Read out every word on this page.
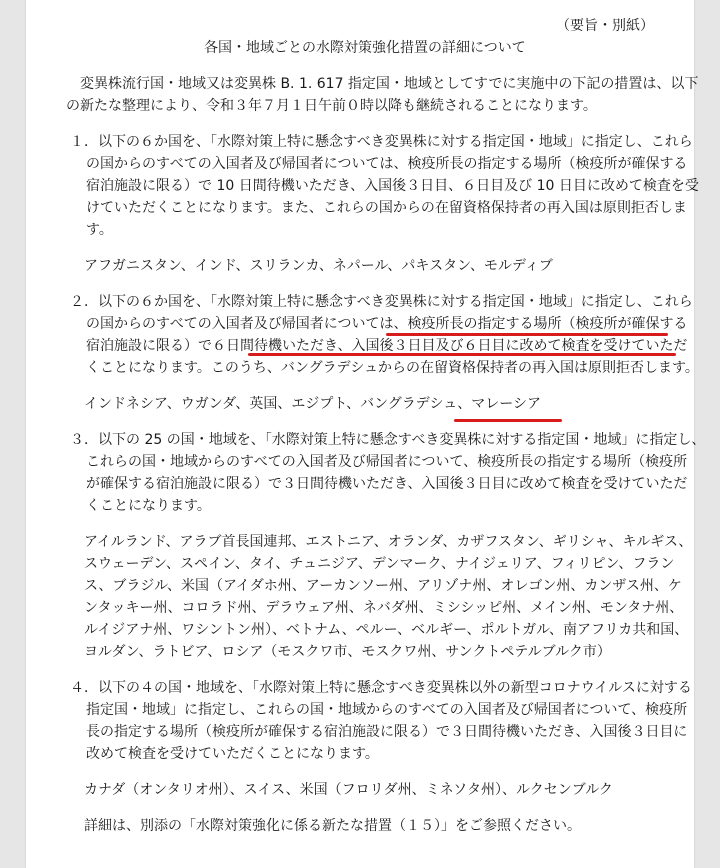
（要旨・別紙）
各国・地域ごとの水際対策強化措置の詳細について
変異株流行国・地域又は変異株 B. 1. 617 指定国・地域としてすでに実施中の下記の措置は、以下
の新たな整理により、令和３年７月１日午前０時以降も継続されることになります。
１．以下の６か国を、「水際対策上特に懸念すべき変異株に対する指定国・地域」に指定し、これら
の国からのすべての入国者及び帰国者については、検疫所長の指定する場所（検疫所が確保する
宿泊施設に限る）で 10 日間待機いただき、入国後３日目、６日目及び 10 日目に改めて検査を受
けていただくことになります。また、これらの国からの在留資格保持者の再入国は原則拒否しま
す。
アフガニスタン、インド、スリランカ、ネパール、パキスタン、モルディブ
２．以下の６か国を、「水際対策上特に懸念すべき変異株に対する指定国・地域」に指定し、これら
の国からのすべての入国者及び帰国者については、検疫所長の指定する場所（検疫所が確保する
宿泊施設に限る）で６日間待機いただき、入国後３日目及び６日目に改めて検査を受けていただ
くことになります。このうち、バングラデシュからの在留資格保持者の再入国は原則拒否します。
インドネシア、ウガンダ、英国、エジプト、バングラデシュ、マレーシア
３．以下の 25 の国・地域を、「水際対策上特に懸念すべき変異株に対する指定国・地域」に指定し、
これらの国・地域からのすべての入国者及び帰国者について、検疫所長の指定する場所（検疫所
が確保する宿泊施設に限る）で３日間待機いただき、入国後３日目に改めて検査を受けていただ
くことになります。
アイルランド、アラブ首長国連邦、エストニア、オランダ、カザフスタン、ギリシャ、キルギス、
スウェーデン、スペイン、タイ、チュニジア、デンマーク、ナイジェリア、フィリピン、フラン
ス、ブラジル、米国（アイダホ州、アーカンソー州、アリゾナ州、オレゴン州、カンザス州、ケ
ンタッキー州、コロラド州、デラウェア州、ネバダ州、ミシシッピ州、メイン州、モンタナ州、
ルイジアナ州、ワシントン州）、ベトナム、ペルー、ベルギー、ポルトガル、南アフリカ共和国、
ヨルダン、ラトビア、ロシア（モスクワ市、モスクワ州、サンクトペテルブルク市）
４．以下の４の国・地域を、「水際対策上特に懸念すべき変異株以外の新型コロナウイルスに対する
指定国・地域」に指定し、これらの国・地域からのすべての入国者及び帰国者について、検疫所
長の指定する場所（検疫所が確保する宿泊施設に限る）で３日間待機いただき、入国後３日目に
改めて検査を受けていただくことになります。
カナダ（オンタリオ州）、スイス、米国（フロリダ州、ミネソタ州）、ルクセンブルク
詳細は、別添の「水際対策強化に係る新たな措置（１５）」をご参照ください。
